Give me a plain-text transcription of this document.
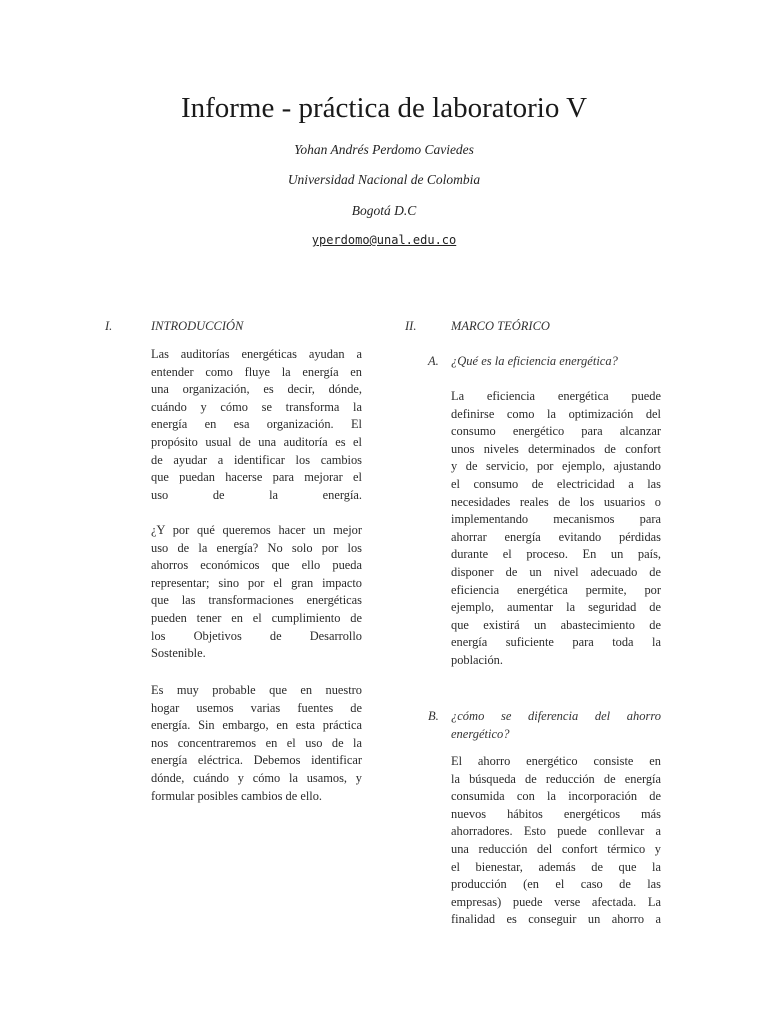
Informe - práctica de laboratorio V
Yohan Andrés Perdomo Caviedes
Universidad Nacional de Colombia
Bogotá D.C
yperdomo@unal.edu.co
I.	INTRODUCCIÓN
Las auditorías energéticas ayudan a
entender como fluye la energía en
una organización, es decir, dónde,
cuándo y cómo se transforma la
energía en esa organización. El
propósito usual de una auditoría es el
de ayudar a identificar los cambios
que puedan hacerse para mejorar el
uso de la energía.
¿Y por qué queremos hacer un mejor
uso de la energía? No solo por los
ahorros económicos que ello pueda
representar; sino por el gran impacto
que las transformaciones energéticas
pueden tener en el cumplimiento de
los Objetivos de Desarrollo
Sostenible.
Es muy probable que en nuestro
hogar usemos varias fuentes de
energía. Sin embargo, en esta práctica
nos concentraremos en el uso de la
energía eléctrica. Debemos identificar
dónde, cuándo y cómo la usamos, y
formular posibles cambios de ello.
II.	MARCO TEÓRICO
A. ¿Qué es la eficiencia energética?
La eficiencia energética puede
definirse como la optimización del
consumo energético para alcanzar
unos niveles determinados de confort
y de servicio, por ejemplo, ajustando
el consumo de electricidad a las
necesidades reales de los usuarios o
implementando mecanismos para
ahorrar energía evitando pérdidas
durante el proceso. En un país,
disponer de un nivel adecuado de
eficiencia energética permite, por
ejemplo, aumentar la seguridad de
que existirá un abastecimiento de
energía suficiente para toda la
población.
B. ¿cómo se diferencia del ahorro
energético?
El ahorro energético consiste en
la búsqueda de reducción de energía
consumida con la incorporación de
nuevos hábitos energéticos más
ahorradores. Esto puede conllevar a
una reducción del confort térmico y
el bienestar, además de que la
producción (en el caso de las
empresas) puede verse afectada. La
finalidad es conseguir un ahorro a
